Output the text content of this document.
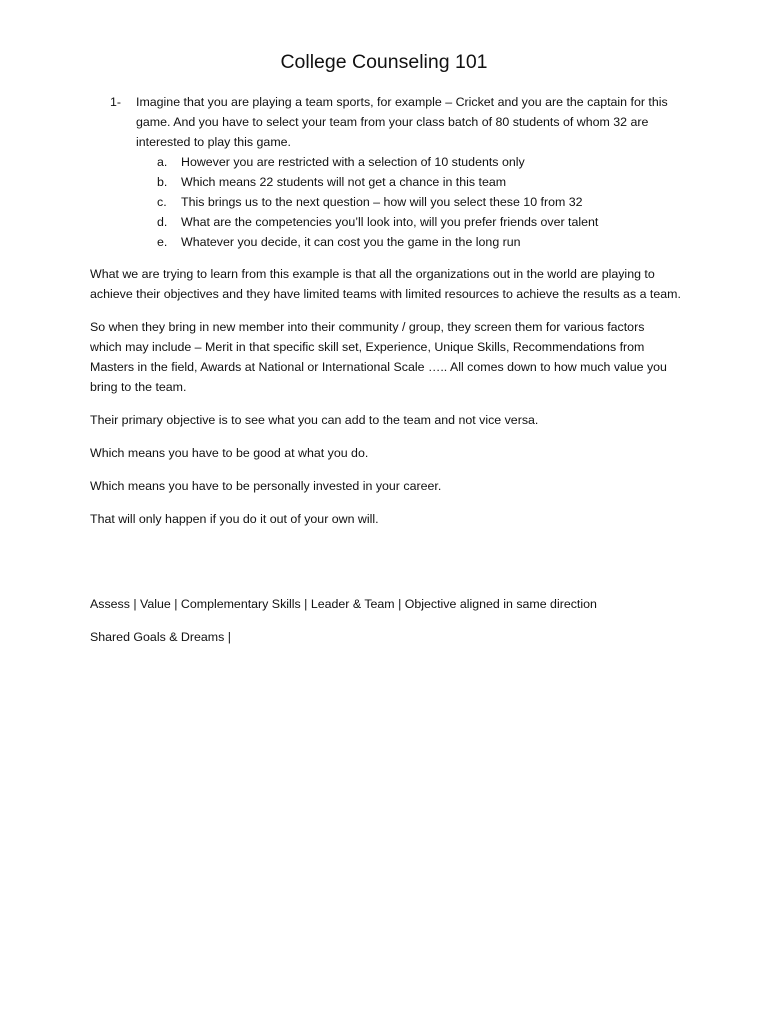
College Counseling 101
1- Imagine that you are playing a team sports, for example – Cricket and you are the captain for this game. And you have to select your team from your class batch of 80 students of whom 32 are interested to play this game.
a. However you are restricted with a selection of 10 students only
b. Which means 22 students will not get a chance in this team
c. This brings us to the next question – how will you select these 10 from 32
d. What are the competencies you’ll look into, will you prefer friends over talent
e. Whatever you decide, it can cost you the game in the long run

What we are trying to learn from this example is that all the organizations out in the world are playing to achieve their objectives and they have limited teams with limited resources to achieve the results as a team.

So when they bring in new member into their community / group, they screen them for various factors which may include – Merit in that specific skill set, Experience, Unique Skills, Recommendations from Masters in the field, Awards at National or International Scale ….. All comes down to how much value you bring to the team.

Their primary objective is to see what you can add to the team and not vice versa.

Which means you have to be good at what you do.

Which means you have to be personally invested in your career.

That will only happen if you do it out of your own will.

Assess | Value | Complementary Skills | Leader & Team | Objective aligned in same direction

Shared Goals & Dreams |
